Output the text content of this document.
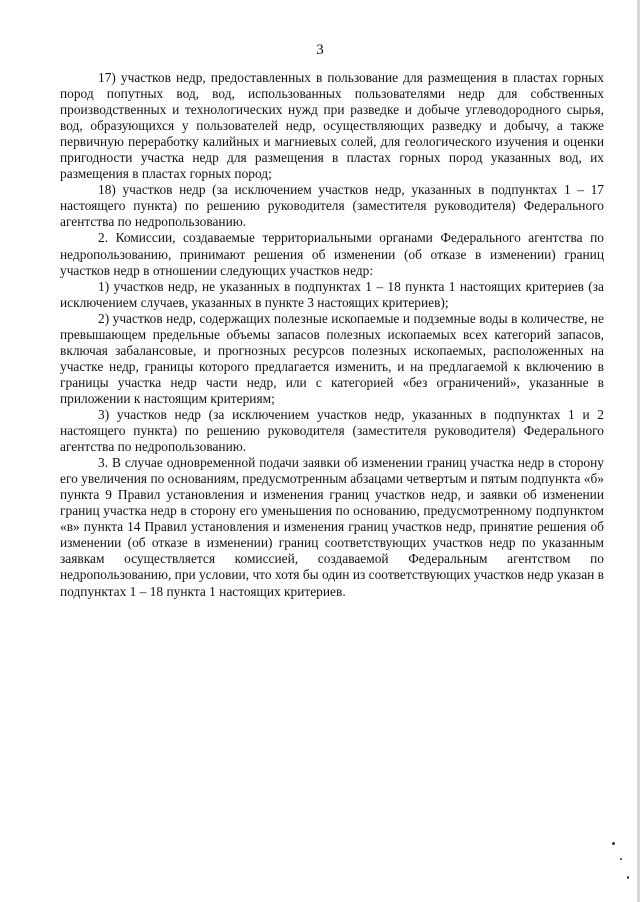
3

17) участков недр, предоставленных в пользование для размещения в пластах горных пород попутных вод, вод, использованных пользователями недр для собственных производственных и технологических нужд при разведке и добыче углеводородного сырья, вод, образующихся у пользователей недр, осуществляющих разведку и добычу, а также первичную переработку калийных и магниевых солей, для геологического изучения и оценки пригодности участка недр для размещения в пластах горных пород указанных вод, их размещения в пластах горных пород;

18) участков недр (за исключением участков недр, указанных в подпунктах 1 – 17 настоящего пункта) по решению руководителя (заместителя руководителя) Федерального агентства по недропользованию.

2. Комиссии, создаваемые территориальными органами Федерального агентства по недропользованию, принимают решения об изменении (об отказе в изменении) границ участков недр в отношении следующих участков недр:

1) участков недр, не указанных в подпунктах 1 – 18 пункта 1 настоящих критериев (за исключением случаев, указанных в пункте 3 настоящих критериев);

2) участков недр, содержащих полезные ископаемые и подземные воды в количестве, не превышающем предельные объемы запасов полезных ископаемых всех категорий запасов, включая забалансовые, и прогнозных ресурсов полезных ископаемых, расположенных на участке недр, границы которого предлагается изменить, и на предлагаемой к включению в границы участка недр части недр, или с категорией «без ограничений», указанные в приложении к настоящим критериям;

3) участков недр (за исключением участков недр, указанных в подпунктах 1 и 2 настоящего пункта) по решению руководителя (заместителя руководителя) Федерального агентства по недропользованию.

3. В случае одновременной подачи заявки об изменении границ участка недр в сторону его увеличения по основаниям, предусмотренным абзацами четвертым и пятым подпункта «б» пункта 9 Правил установления и изменения границ участков недр, и заявки об изменении границ участка недр в сторону его уменьшения по основанию, предусмотренному подпунктом «в» пункта 14 Правил установления и изменения границ участков недр, принятие решения об изменении (об отказе в изменении) границ соответствующих участков недр по указанным заявкам осуществляется комиссией, создаваемой Федеральным агентством по недропользованию, при условии, что хотя бы один из соответствующих участков недр указан в подпунктах 1 – 18 пункта 1 настоящих критериев.
